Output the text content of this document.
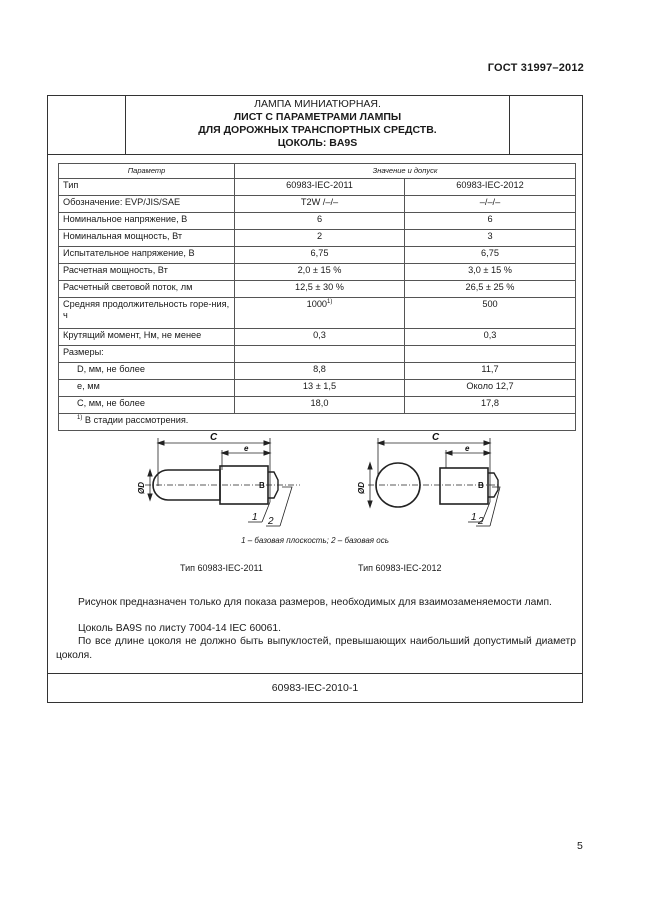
ГОСТ 31997–2012
ЛАМПА МИНИАТЮРНАЯ.
ЛИСТ С ПАРАМЕТРАМИ ЛАМПЫ
ДЛЯ ДОРОЖНЫХ ТРАНСПОРТНЫХ СРЕДСТВ.
ЦОКОЛЬ: BA9S
Параметр	Значение и допуск	
Тип	60983-IEC-2011	60983-IEC-2012
Обозначение: EVP/JIS/SAE	T2W /–/–	–/–/–
Номинальное напряжение, В	6	6
Номинальная мощность, Вт	2	3
Испытательное напряжение, В	6,75	6,75
Расчетная мощность, Вт	2,0 ± 15 %	3,0 ± 15 %
Расчетный световой поток, лм	12,5 ± 30 %	26,5 ± 25 %
Средняя продолжительность горе-ния, ч	1000$^{1)}$	500
Крутящий момент, Нм, не менее	0,3	0,3
Размеры:		
D, мм, не более	8,8	11,7
e, мм	13 ± 1,5	Около 12,7
C, мм, не более	18,0	17,8
$^{1)}$ В стадии рассмотрения.		
C
e
ØD	B
1 2
C
e
ØD	B
1 2
1 – базовая плоскость; 2 – базовая ось
Тип 60983-IEC-2011	Тип 60983-IEC-2012
Рисунок предназначен только для показа размеров, необходимых для взаимозаменяемости ламп.
Цоколь BA9S по листу 7004-14 IEC 60061.
По все длине цоколя не должно быть выпуклостей, превышающих наибольший допустимый диаметр цоколя.
60983-IEC-2010-1
5
